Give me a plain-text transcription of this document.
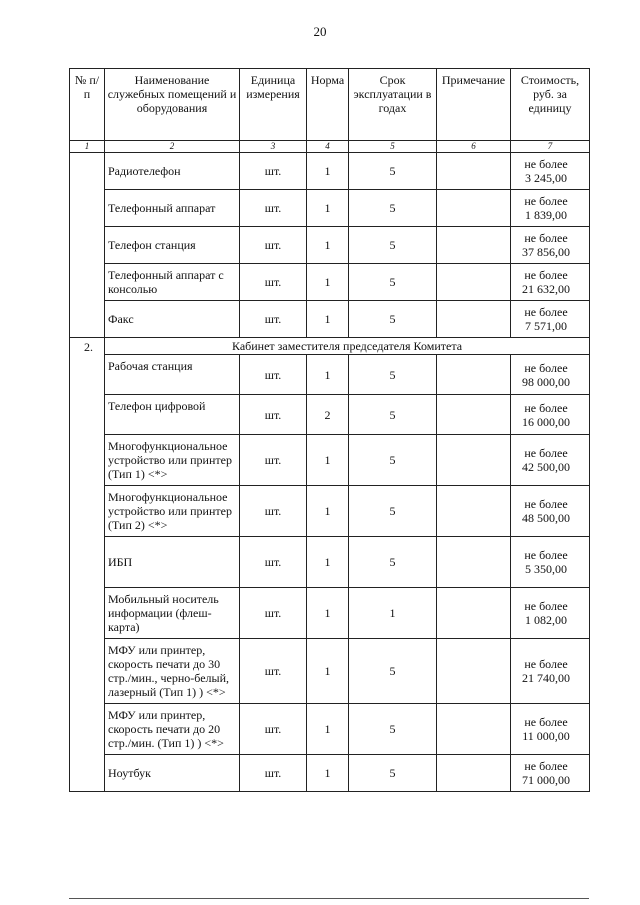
20
№ п/п	Наименование служебных помещений и оборудования	Единица измерения	Норма	Срок эксплуатации в годах	Примечание	Стоимость, руб. за единицу
1	2	3	4	5	6	7
	Радиотелефон	шт.	1	5		не более
3 245,00

	Телефонный аппарат	шт.	1	5		не более
1 839,00

	Телефон станция	шт.	1	5		не более
37 856,00

	Телефонный аппарат с консолью	шт.	1	5		не более
21 632,00

	Факс	шт.	1	5		не более
7 571,00

2.	Кабинет заместителя председателя Комитета					
	Рабочая станция	шт.	1	5		не более
98 000,00

	Телефон цифровой	шт.	2	5		не более
16 000,00

	Многофункциональное устройство или принтер (Тип 1) <*>	шт.	1	5		не более
42 500,00

	Многофункциональное устройство или принтер (Тип 2) <*>	шт.	1	5		не более
48 500,00

	ИБП	шт.	1	5		не более
5 350,00

	Мобильный носитель информации (флеш-карта)	шт.	1	1		не более
1 082,00

	МФУ или принтер, скорость печати до 30 стр./мин., черно-белый, лазерный (Тип 1) ) <*>	шт.	1	5		не более
21 740,00

	МФУ или принтер, скорость печати до 20 стр./мин. (Тип 1) ) <*>	шт.	1	5		не более
11 000,00

	Ноутбук	шт.	1	5		не более
71 000,00
